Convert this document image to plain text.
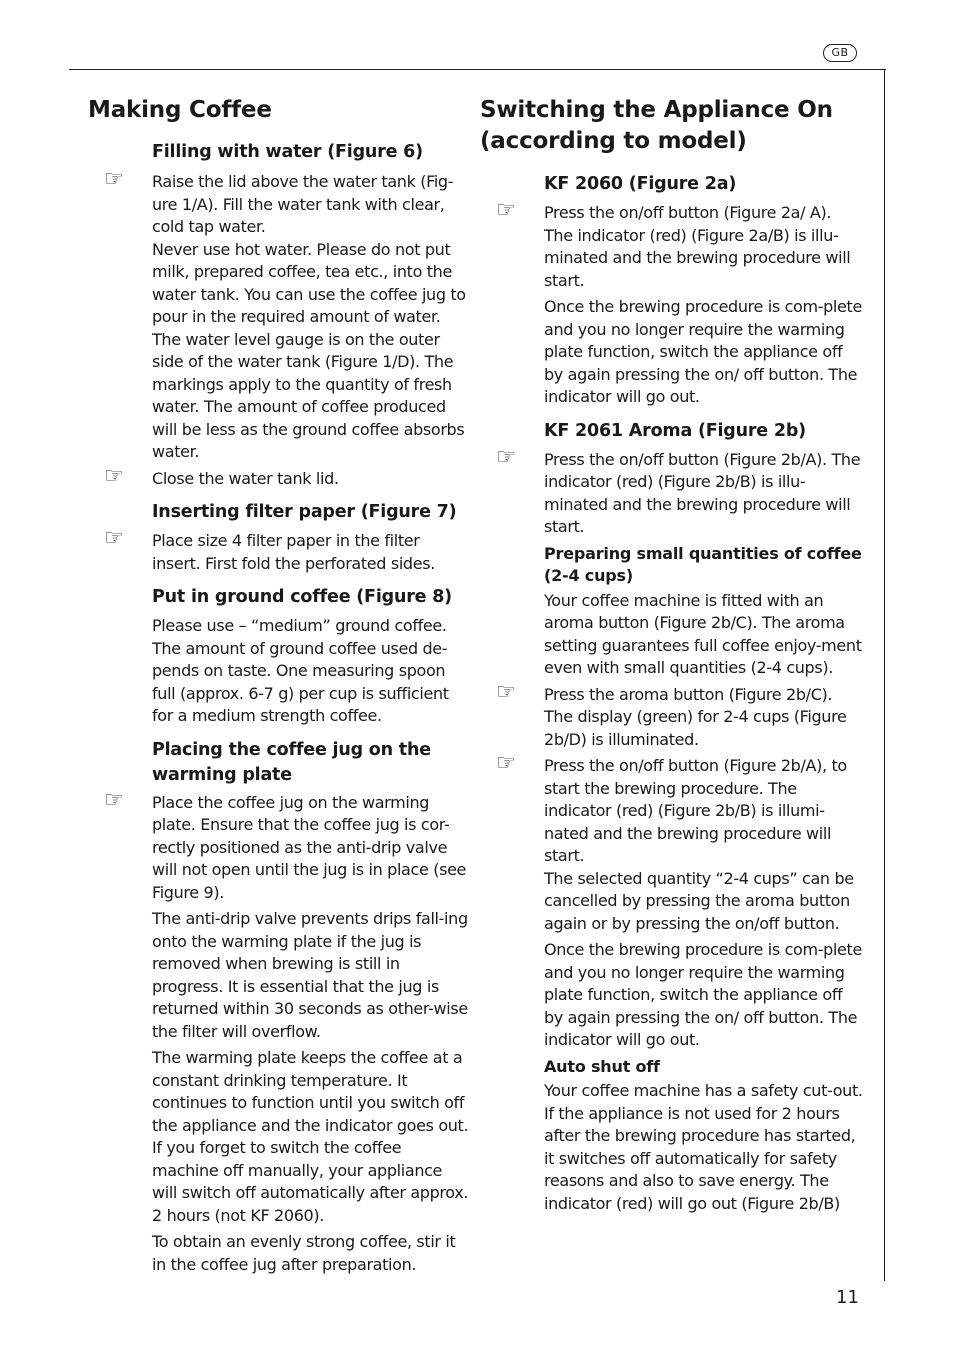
GB
Making Coffee
Filling with water (Figure 6)

☞ Raise the lid above the water tank (Fig-ure 1/A). Fill the water tank with clear, cold tap water.

Never use hot water. Please do not put milk, prepared coffee, tea etc., into the water tank. You can use the coffee jug to pour in the required amount of water. The water level gauge is on the outer side of the water tank (Figure 1/D). The markings apply to the quantity of fresh water. The amount of coffee produced will be less as the ground coffee absorbs water.

☞ Close the water tank lid.

Inserting filter paper (Figure 7)

☞ Place size 4 filter paper in the filter insert. First fold the perforated sides.

Put in ground coffee (Figure 8)

Please use – “medium” ground coffee. The amount of ground coffee used de-pends on taste. One measuring spoon full (approx. 6-7 g) per cup is sufficient for a medium strength coffee.

Placing the coffee jug on the warming plate

☞ Place the coffee jug on the warming plate. Ensure that the coffee jug is cor-rectly positioned as the anti-drip valve will not open until the jug is in place (see Figure 9).

The anti-drip valve prevents drips fall-ing onto the warming plate if the jug is removed when brewing is still in progress. It is essential that the jug is returned within 30 seconds as other-wise the filter will overflow.

The warming plate keeps the coffee at a constant drinking temperature. It continues to function until you switch off the appliance and the indicator goes out. If you forget to switch the coffee machine off manually, your appliance will switch off automatically after approx. 2 hours (not KF 2060).

To obtain an evenly strong coffee, stir it in the coffee jug after preparation.

Switching the Appliance On (according to model)
KF 2060 (Figure 2a)

☞ Press the on/off button (Figure 2a/ A). The indicator (red) (Figure 2a/B) is illu-minated and the brewing procedure will start.

Once the brewing procedure is com-plete and you no longer require the warming plate function, switch the appliance off by again pressing the on/ off button. The indicator will go out.

KF 2061 Aroma (Figure 2b)

☞ Press the on/off button (Figure 2b/A). The indicator (red) (Figure 2b/B) is illu-minated and the brewing procedure will start.

Preparing small quantities of coffee (2-4 cups)

Your coffee machine is fitted with an aroma button (Figure 2b/C). The aroma setting guarantees full coffee enjoy-ment even with small quantities (2-4 cups).

☞ Press the aroma button (Figure 2b/C). The display (green) for 2-4 cups (Figure 2b/D) is illuminated.

☞ Press the on/off button (Figure 2b/A), to start the brewing procedure. The indicator (red) (Figure 2b/B) is illumi-nated and the brewing procedure will start.

The selected quantity “2-4 cups” can be cancelled by pressing the aroma button again or by pressing the on/off button.

Once the brewing procedure is com-plete and you no longer require the warming plate function, switch the appliance off by again pressing the on/ off button. The indicator will go out.

Auto shut off

Your coffee machine has a safety cut-out. If the appliance is not used for 2 hours after the brewing procedure has started, it switches off automatically for safety reasons and also to save energy. The indicator (red) will go out (Figure 2b/B)

11
